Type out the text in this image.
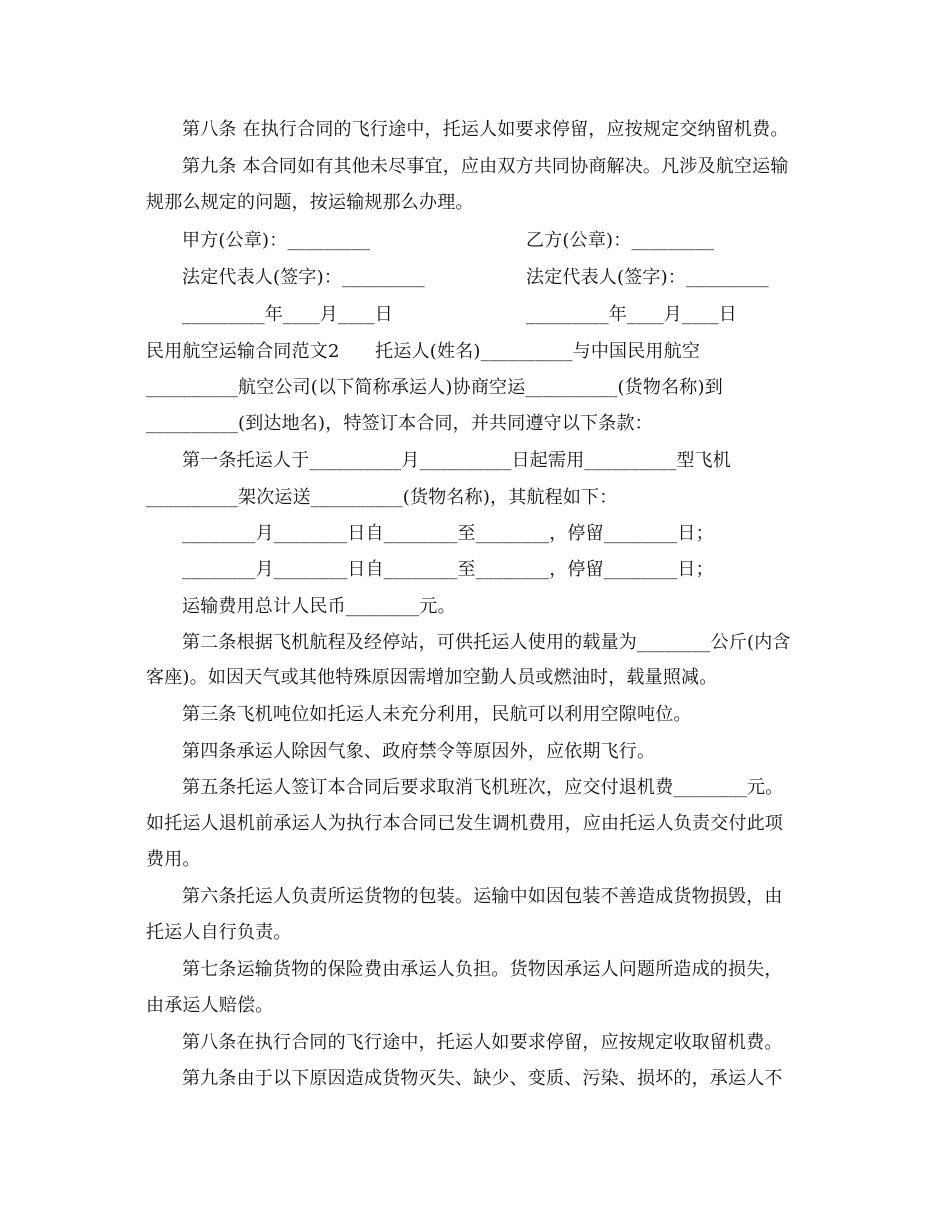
第八条 在执行合同的飞行途中，托运人如要求停留，应按规定交纳留机费。
第九条 本合同如有其他未尽事宜，应由双方共同协商解决。凡涉及航空运输
规那么规定的问题，按运输规那么办理。
甲方(公章)：_________	乙方(公章)：_________
法定代表人(签字)：_________	法定代表人(签字)：_________
_________年____月____日	_________年____月____日
民用航空运输合同范文2      托运人(姓名)__________与中国民用航空
__________航空公司(以下简称承运人)协商空运__________(货物名称)到
__________(到达地名)，特签订本合同，并共同遵守以下条款：
第一条托运人于__________月__________日起需用__________型飞机
__________架次运送__________(货物名称)，其航程如下：
________月________日自________至________，停留________日；
________月________日自________至________，停留________日；
运输费用总计人民币________元。
第二条根据飞机航程及经停站，可供托运人使用的载量为________公斤(内含
客座)。如因天气或其他特殊原因需增加空勤人员或燃油时，载量照减。
第三条飞机吨位如托运人未充分利用，民航可以利用空隙吨位。
第四条承运人除因气象、政府禁令等原因外，应依期飞行。
第五条托运人签订本合同后要求取消飞机班次，应交付退机费________元。
如托运人退机前承运人为执行本合同已发生调机费用，应由托运人负责交付此项
费用。
第六条托运人负责所运货物的包装。运输中如因包装不善造成货物损毁，由
托运人自行负责。
第七条运输货物的保险费由承运人负担。货物因承运人问题所造成的损失，
由承运人赔偿。
第八条在执行合同的飞行途中，托运人如要求停留，应按规定收取留机费。
第九条由于以下原因造成货物灭失、缺少、变质、污染、损坏的，承运人不
